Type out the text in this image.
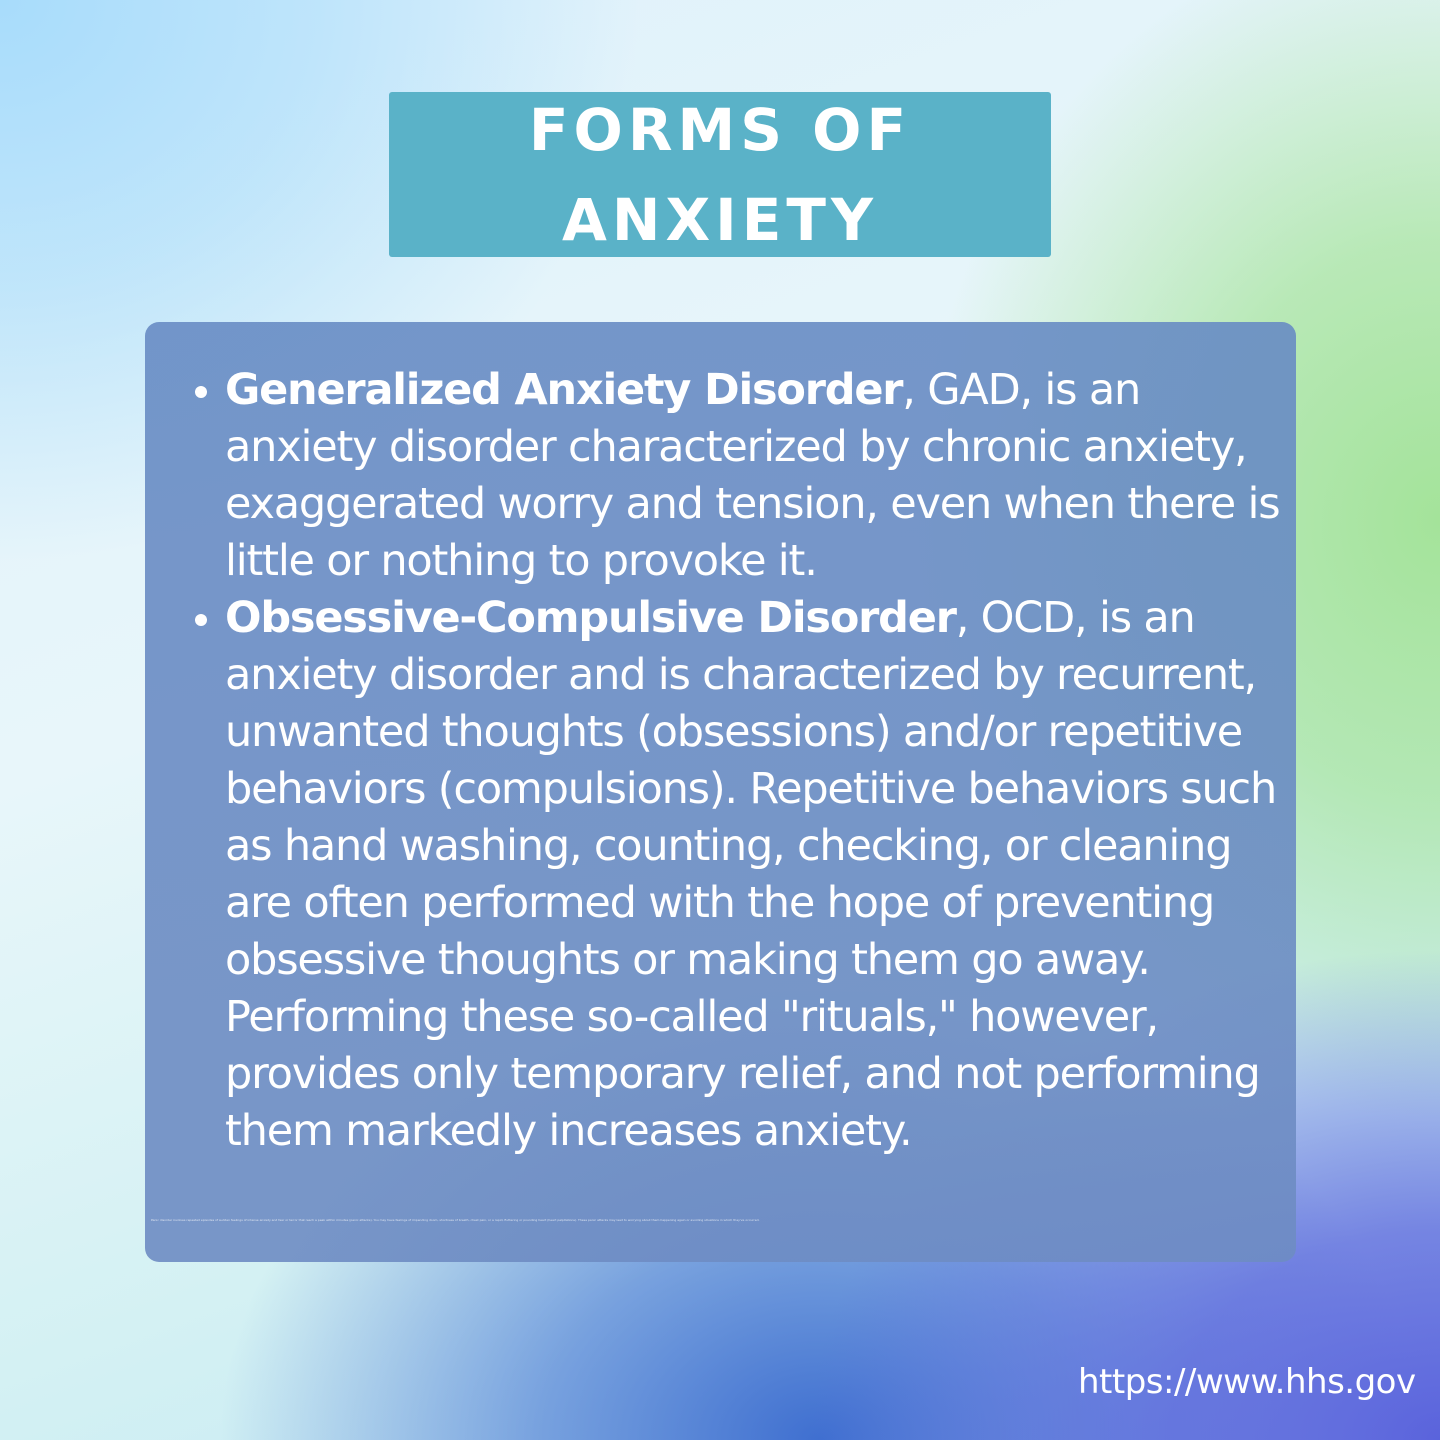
FORMS OF
ANXIETY
Generalized Anxiety Disorder, GAD, is an anxiety disorder characterized by chronic anxiety, exaggerated worry and tension, even when there is little or nothing to provoke it.
Obsessive-Compulsive Disorder, OCD, is an anxiety disorder and is characterized by recurrent, unwanted thoughts (obsessions) and/or repetitive behaviors (compulsions). Repetitive behaviors such as hand washing, counting, checking, or cleaning are often performed with the hope of preventing obsessive thoughts or making them go away. Performing these so-called "rituals," however, provides only temporary relief, and not performing them markedly increases anxiety.
Panic disorder involves repeated episodes of sudden feelings of intense anxiety and fear or terror that reach a peak within minutes (panic attacks). You may have feelings of impending doom, shortness of breath, chest pain, or a rapid, fluttering or pounding heart (heart palpitations). These panic attacks may lead to worrying about them happening again or avoiding situations in which they've occurred.
https://www.hhs.gov
